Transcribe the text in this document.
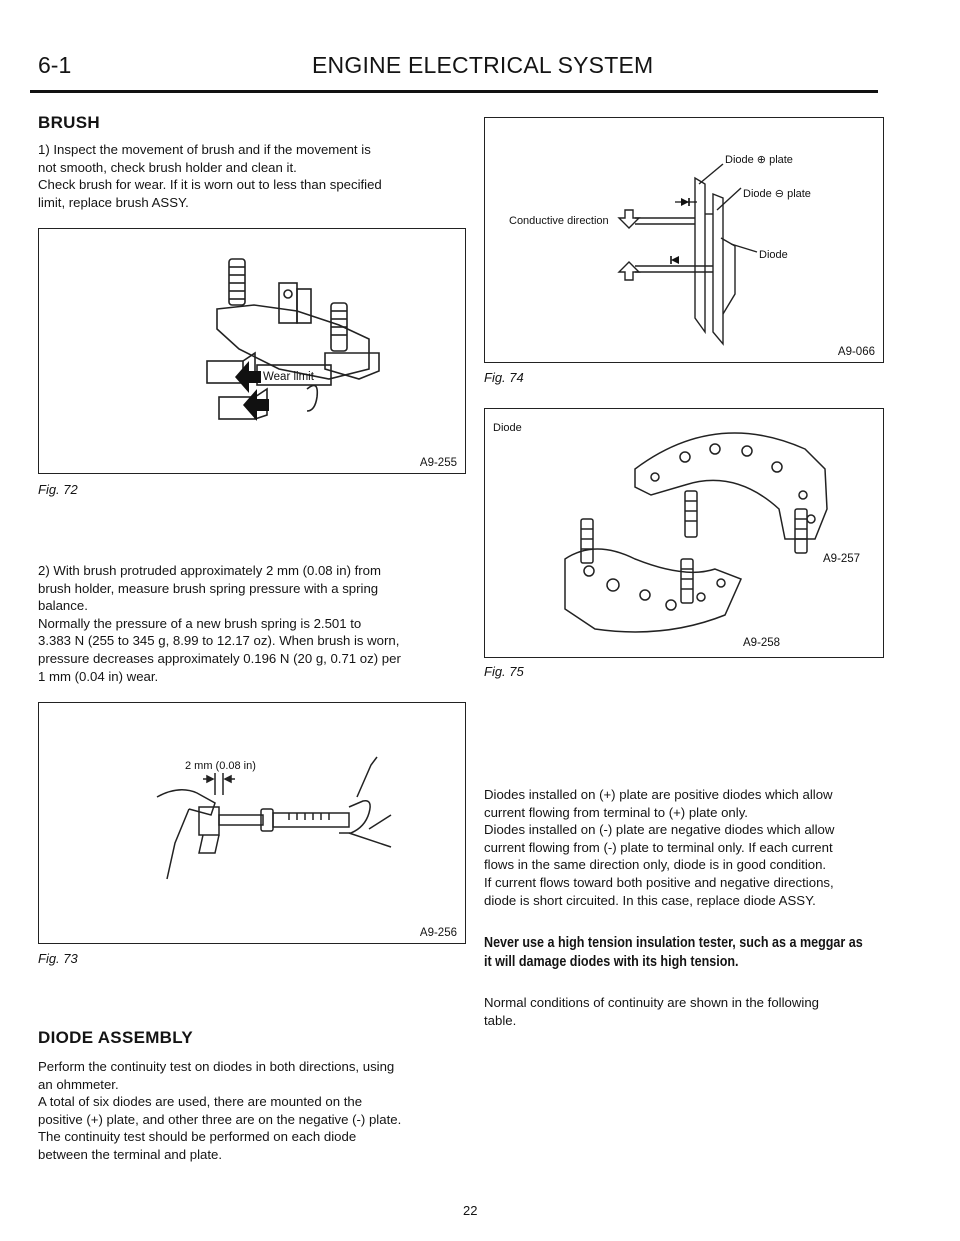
6-1	ENGINE ELECTRICAL SYSTEM
BRUSH

1) Inspect the movement of brush and if the movement is

not smooth, check brush holder and clean it.

Check brush for wear. If it is worn out to less than specified

limit, replace brush ASSY.

Wear limit
A9-255
Fig. 72

2) With brush protruded approximately 2 mm (0.08 in) from

brush holder, measure brush spring pressure with a spring

balance.

Normally the pressure of a new brush spring is 2.501 to

3.383 N (255 to 345 g, 8.99 to 12.17 oz). When brush is worn,

pressure decreases approximately 0.196 N (20 g, 0.71 oz) per

1 mm (0.04 in) wear.

2 mm (0.08 in)
A9-256
Fig. 73
DIODE ASSEMBLY

Perform the continuity test on diodes in both directions, using

an ohmmeter.

A total of six diodes are used, there are mounted on the

positive (+) plate, and other three are on the negative (-) plate.

The continuity test should be performed on each diode

between the terminal and plate.

Diode ⊕ plate
Diode ⊖ plate
Diode
Conductive direction
A9-066
Fig. 74
Diode
A9-257
A9-258
Fig. 75

Diodes installed on (+) plate are positive diodes which allow

current flowing from terminal to (+) plate only.

Diodes installed on (-) plate are negative diodes which allow

current flowing from (-) plate to terminal only. If each current

flows in the same direction only, diode is in good condition.

If current flows toward both positive and negative directions,

diode is short circuited. In this case, replace diode ASSY.

Never use a high tension insulation tester, such as a meggar as
it will damage diodes with its high tension.

Normal conditions of continuity are shown in the following

table.

22
